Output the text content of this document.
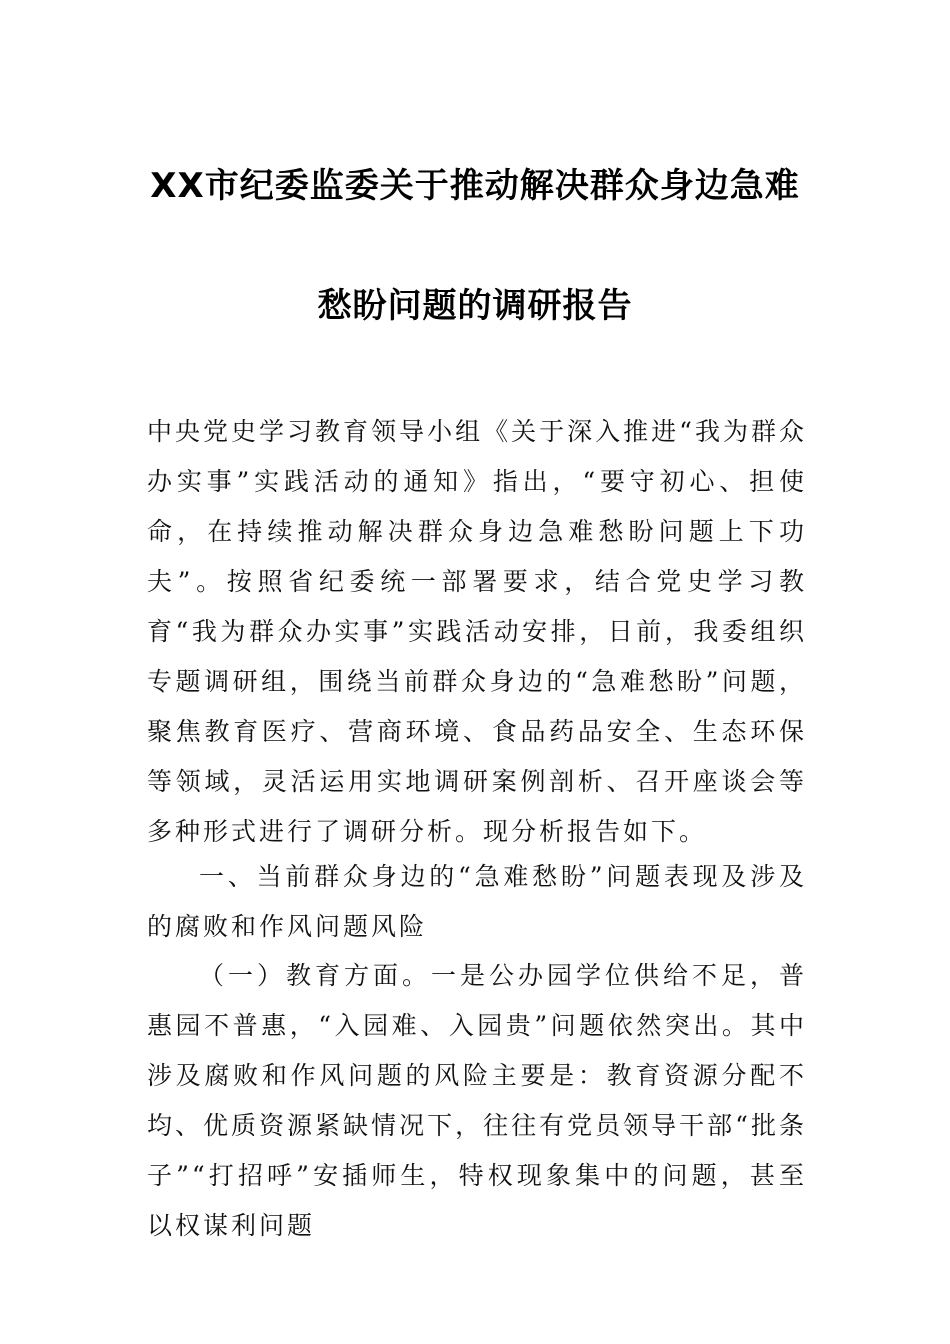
XX市纪委监委关于推动解决群众身边急难
愁盼问题的调研报告
中央党史学习教育领导小组《关于深入推进“我为群众办实事”实践活动的通知》指出，“要守初心、担使命，在持续推动解决群众身边急难愁盼问题上下功夫”。按照省纪委统一部署要求，结合党史学习教育“我为群众办实事”实践活动安排，日前，我委组织专题调研组，围绕当前群众身边的“急难愁盼”问题，聚焦教育医疗、营商环境、食品药品安全、生态环保等领域，灵活运用实地调研案例剖析、召开座谈会等多种形式进行了调研分析。现分析报告如下。
一、当前群众身边的“急难愁盼”问题表现及涉及的腐败和作风问题风险
（一）教育方面。一是公办园学位供给不足，普惠园不普惠，“入园难、入园贵”问题依然突出。其中涉及腐败和作风问题的风险主要是：教育资源分配不均、优质资源紧缺情况下，往往有党员领导干部“批条子”“打招呼”安插师生，特权现象集中的问题，甚至以权谋利问题
